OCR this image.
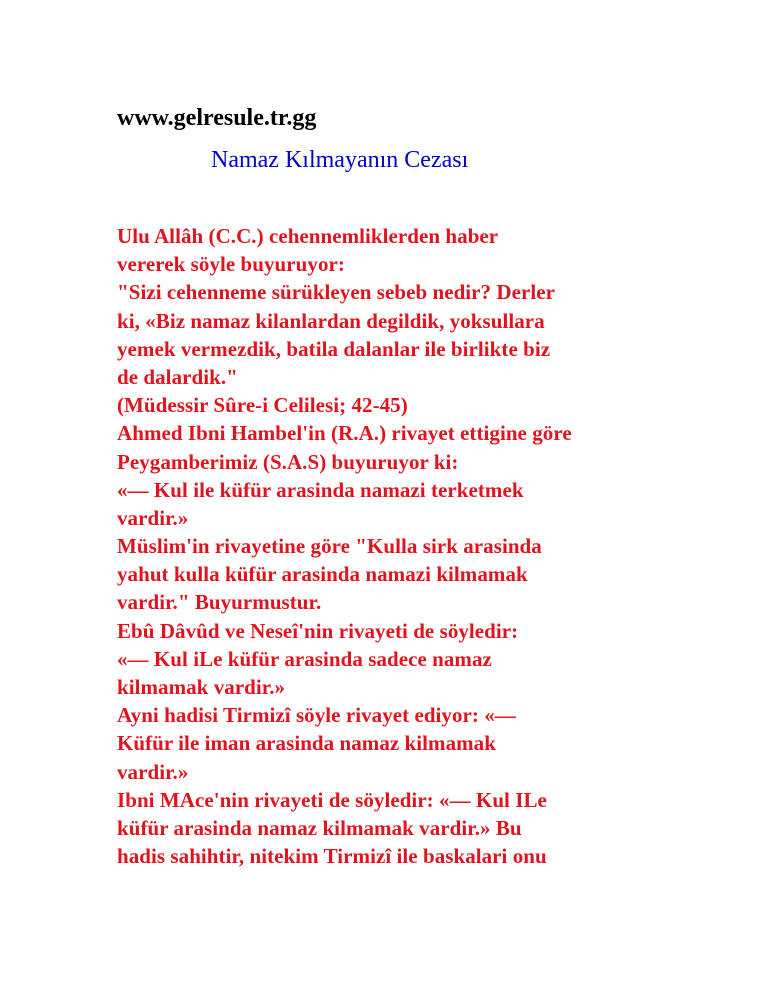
www.gelresule.tr.gg
Namaz Kılmayanın Cezası
Ulu Allâh (C.C.) cehennemliklerden haber
vererek söyle buyuruyor:
"Sizi cehenneme sürükleyen sebeb nedir? Derler
ki, «Biz namaz kilanlardan degildik, yoksullara
yemek vermezdik, batila dalanlar ile birlikte biz
de dalardik."
(Müdessir Sûre-i Celilesi; 42-45)
Ahmed Ibni Hambel'in (R.A.) rivayet ettigine göre
Peygamberimiz (S.A.S) buyuruyor ki:
«— Kul ile küfür arasinda namazi terketmek
vardir.»
Müslim'in rivayetine göre "Kulla sirk arasinda
yahut kulla küfür arasinda namazi kilmamak
vardir." Buyurmustur.
Ebû Dâvûd ve Neseî'nin rivayeti de söyledir:
«— Kul iLe küfür arasinda sadece namaz
kilmamak vardir.»
Ayni hadisi Tirmizî söyle rivayet ediyor: «—
Küfür ile iman arasinda namaz kilmamak
vardir.»
Ibni MAce'nin rivayeti de söyledir: «— Kul ILe
küfür arasinda namaz kilmamak vardir.» Bu
hadis sahihtir, nitekim Tirmizî ile baskalari onu
